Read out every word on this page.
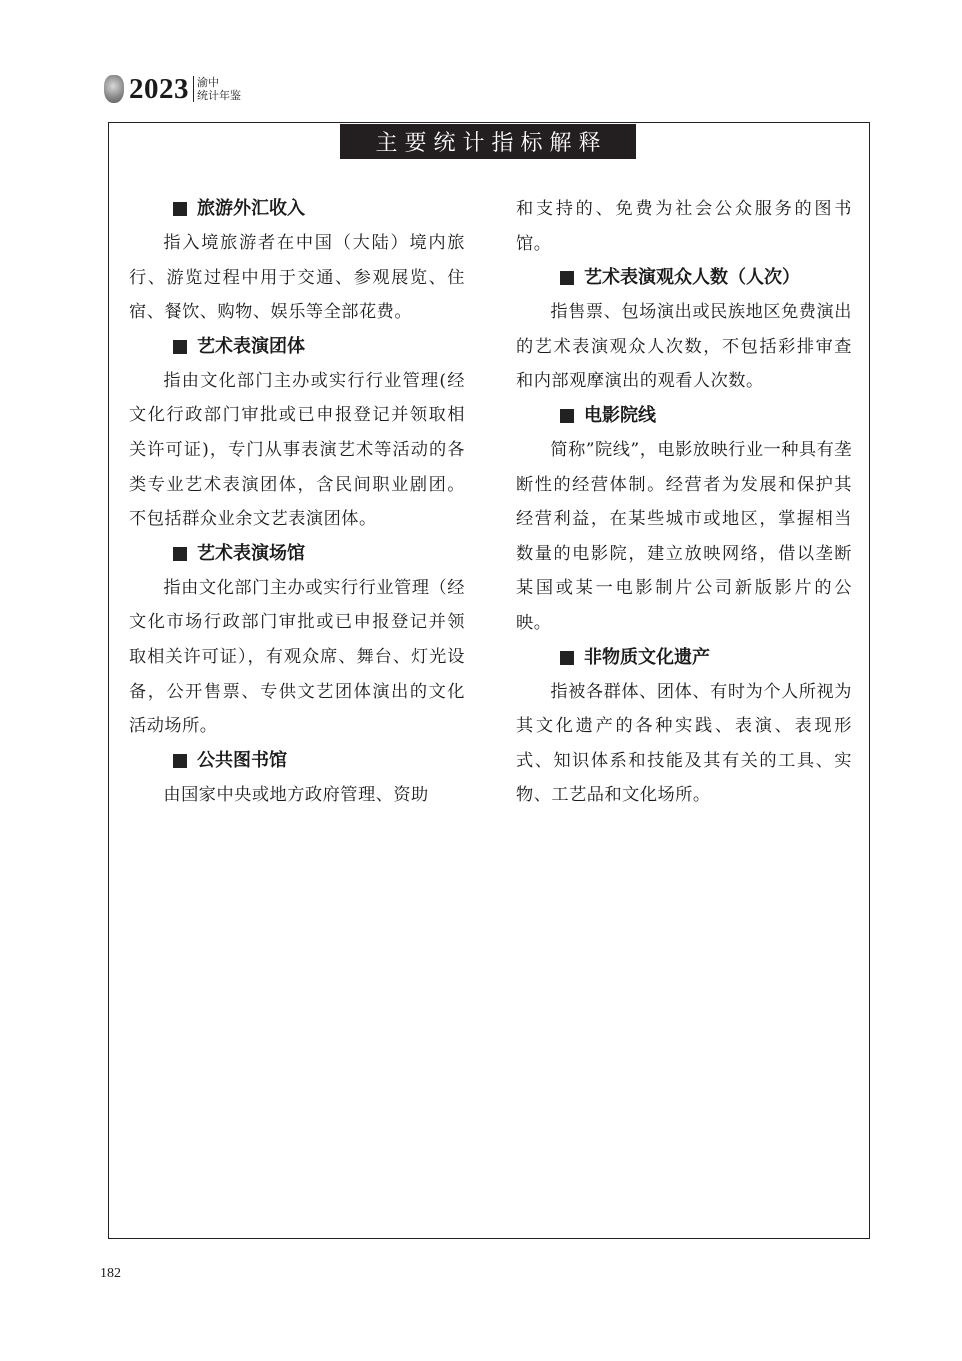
2023 渝中
统计年鉴
主要统计指标解释
旅游外汇收入

指入境旅游者在中国（大陆）境内旅行、游览过程中用于交通、参观展览、住宿、餐饮、购物、娱乐等全部花费。

艺术表演团体

指由文化部门主办或实行行业管理(经文化行政部门审批或已申报登记并领取相关许可证)，专门从事表演艺术等活动的各类专业艺术表演团体，含民间职业剧团。不包括群众业余文艺表演团体。

艺术表演场馆

指由文化部门主办或实行行业管理（经文化市场行政部门审批或已申报登记并领取相关许可证），有观众席、舞台、灯光设备，公开售票、专供文艺团体演出的文化活动场所。

公共图书馆

由国家中央或地方政府管理、资助

和支持的、免费为社会公众服务的图书馆。

艺术表演观众人数（人次）

指售票、包场演出或民族地区免费演出的艺术表演观众人次数，不包括彩排审查和内部观摩演出的观看人次数。

电影院线

简称”院线”，电影放映行业一种具有垄断性的经营体制。经营者为发展和保护其经营利益，在某些城市或地区，掌握相当数量的电影院，建立放映网络，借以垄断某国或某一电影制片公司新版影片的公映。

非物质文化遗产

指被各群体、团体、有时为个人所视为其文化遗产的各种实践、表演、表现形式、知识体系和技能及其有关的工具、实物、工艺品和文化场所。

182
